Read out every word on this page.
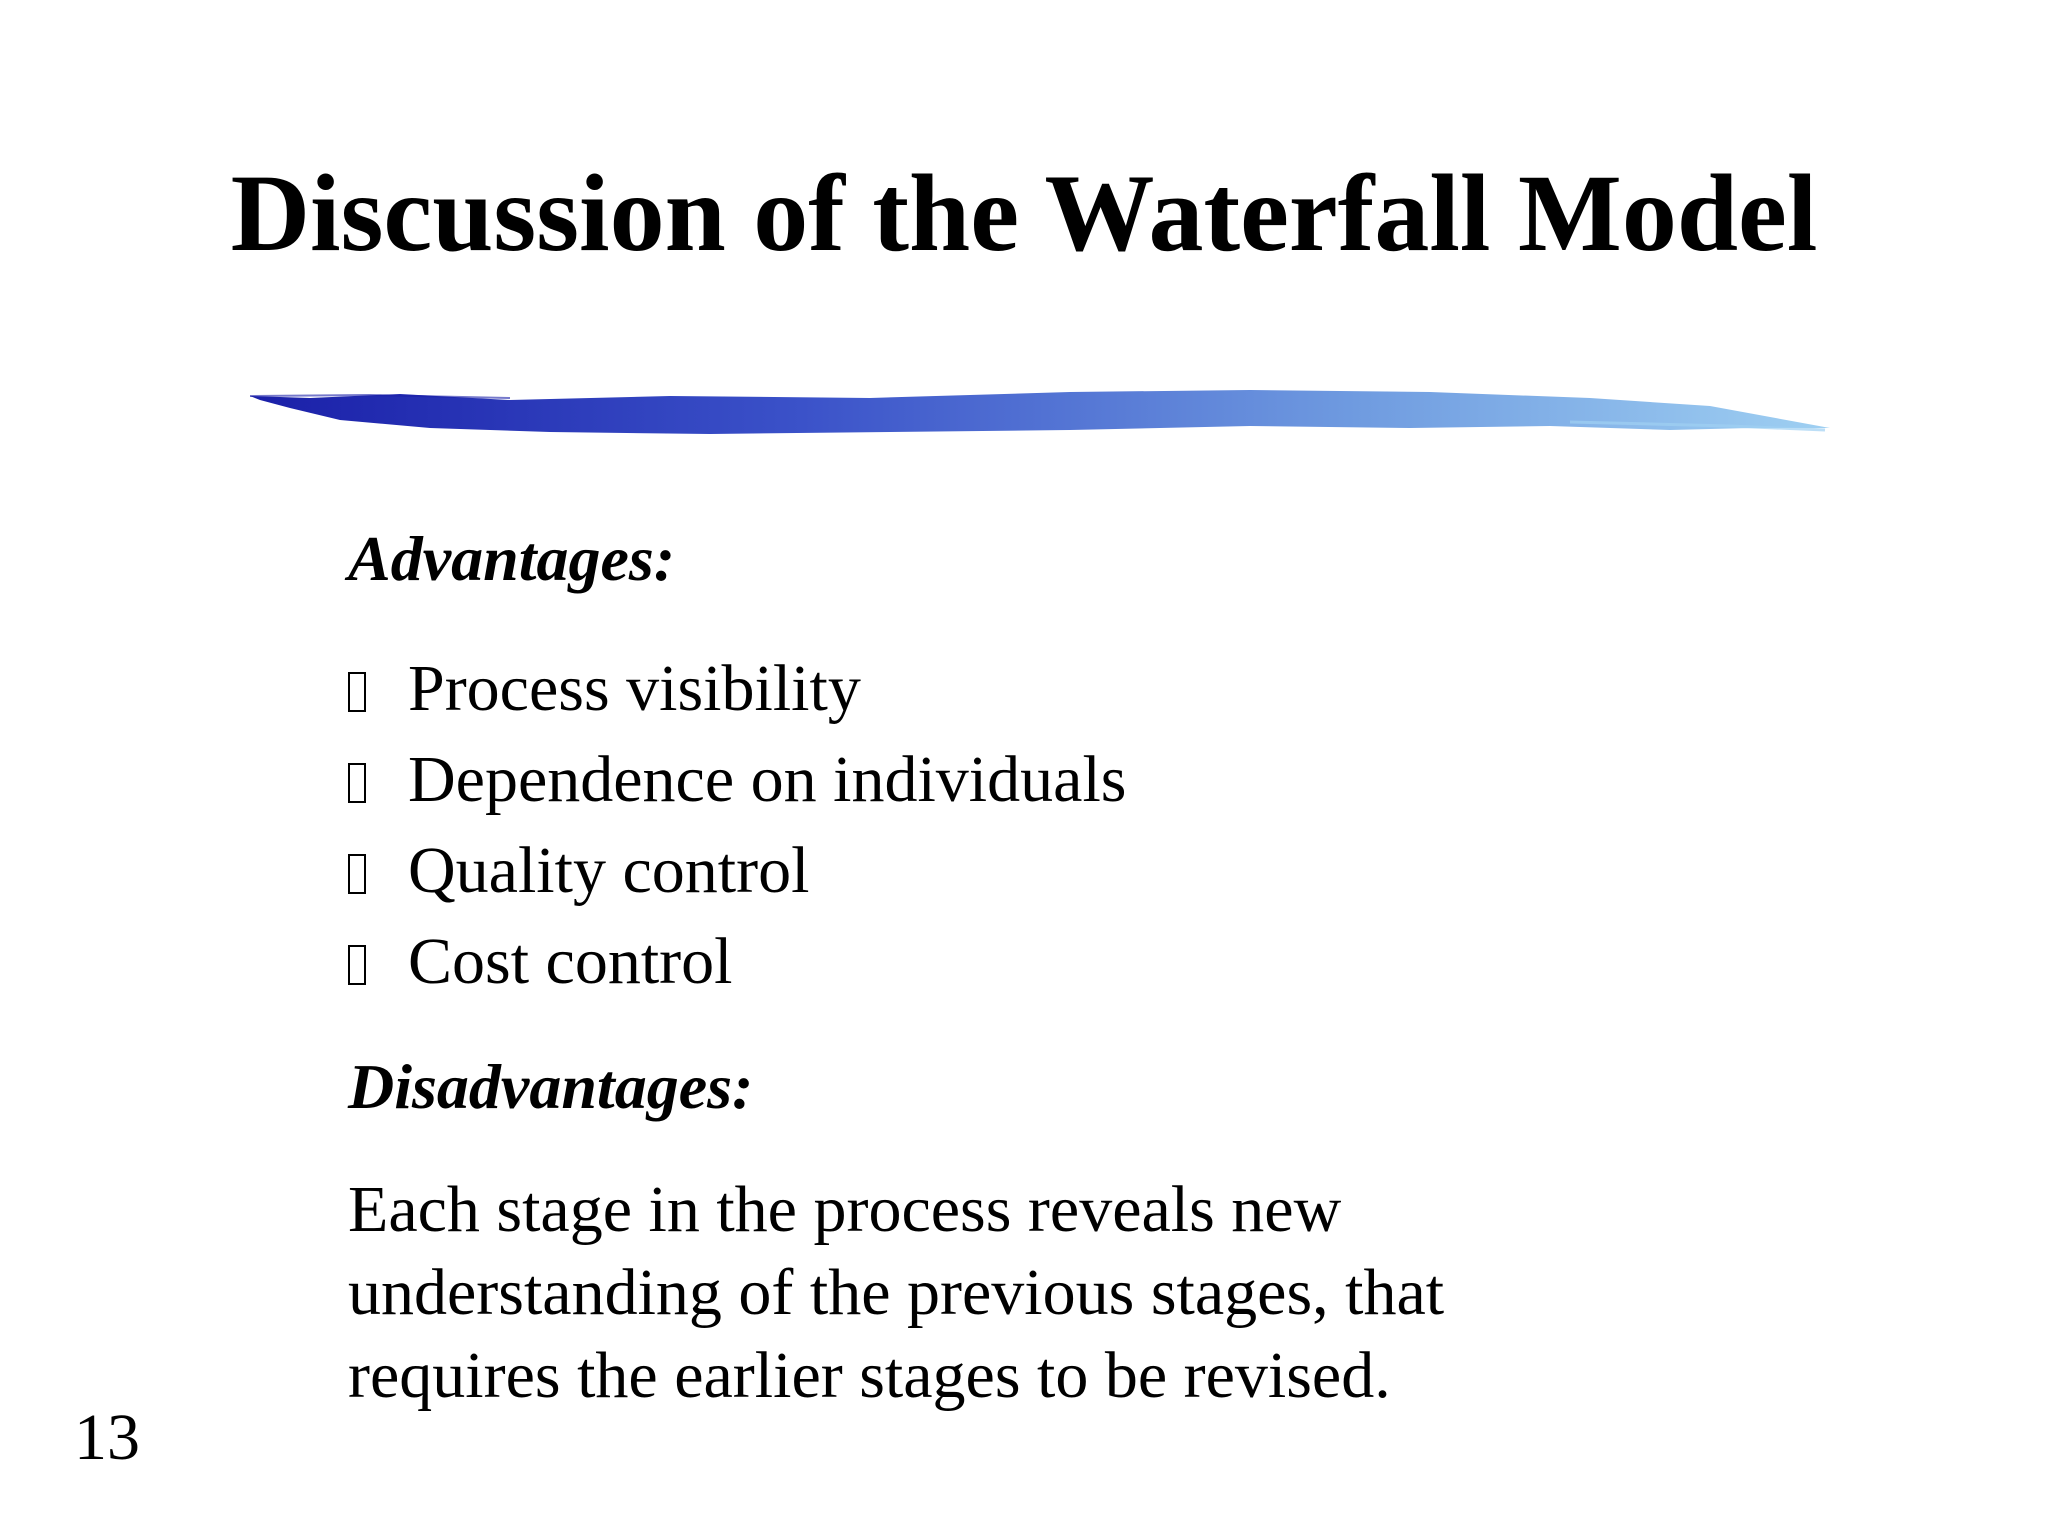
Discussion of the Waterfall Model
Advantages:
Process visibility
Dependence on individuals
Quality control
Cost control
Disadvantages:

Each stage in the process reveals new
understanding of the previous stages, that
requires the earlier stages to be revised.

13
